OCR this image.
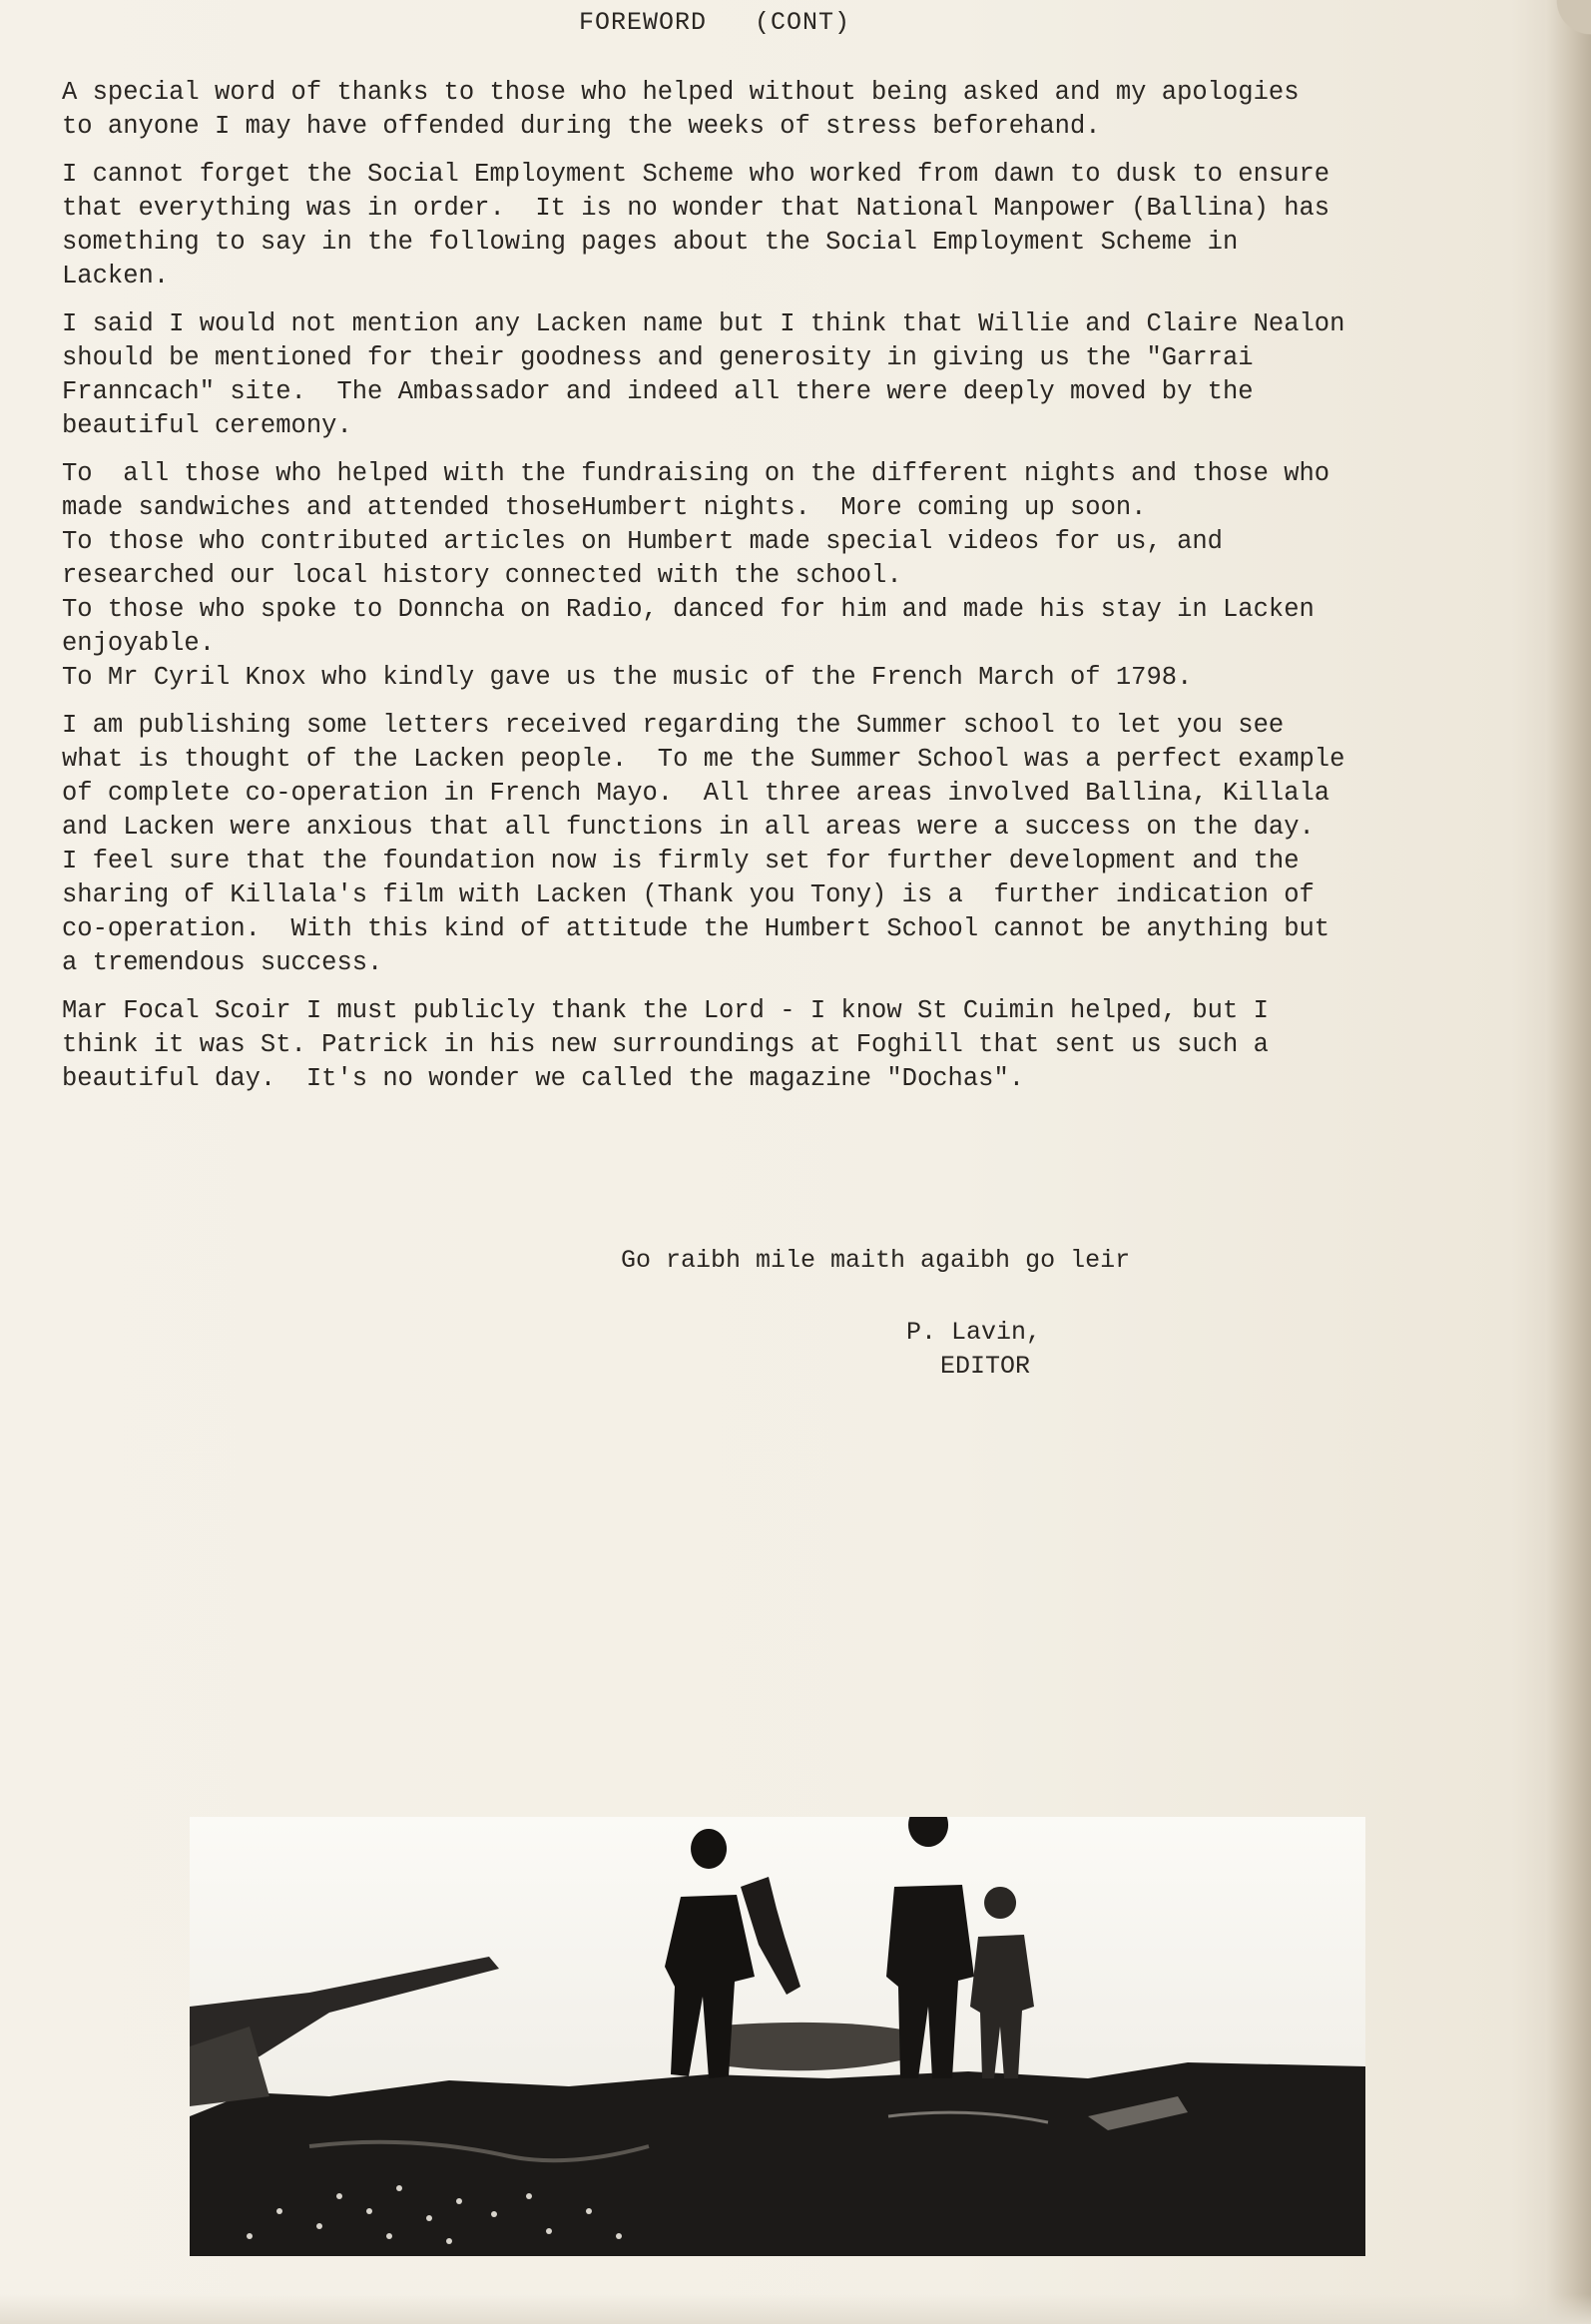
FOREWORD   (CONT)
A special word of thanks to those who helped without being asked and my apologies
to anyone I may have offended during the weeks of stress beforehand.
I cannot forget the Social Employment Scheme who worked from dawn to dusk to ensure
that everything was in order.  It is no wonder that National Manpower (Ballina) has
something to say in the following pages about the Social Employment Scheme in
Lacken.
I said I would not mention any Lacken name but I think that Willie and Claire Nealon
should be mentioned for their goodness and generosity in giving us the "Garrai
Franncach" site.  The Ambassador and indeed all there were deeply moved by the
beautiful ceremony.
To  all those who helped with the fundraising on the different nights and those who
made sandwiches and attended thoseHumbert nights.  More coming up soon.
To those who contributed articles on Humbert made special videos for us, and
researched our local history connected with the school.
To those who spoke to Donncha on Radio, danced for him and made his stay in Lacken
enjoyable.
To Mr Cyril Knox who kindly gave us the music of the French March of 1798.
I am publishing some letters received regarding the Summer school to let you see
what is thought of the Lacken people.  To me the Summer School was a perfect example
of complete co-operation in French Mayo.  All three areas involved Ballina, Killala
and Lacken were anxious that all functions in all areas were a success on the day.
I feel sure that the foundation now is firmly set for further development and the
sharing of Killala's film with Lacken (Thank you Tony) is a  further indication of
co-operation.  With this kind of attitude the Humbert School cannot be anything but
a tremendous success.
Mar Focal Scoir I must publicly thank the Lord - I know St Cuimin helped, but I
think it was St. Patrick in his new surroundings at Foghill that sent us such a
beautiful day.  It's no wonder we called the magazine "Dochas".
Go raibh mile maith agaibh go leir
P. Lavin,
EDITOR
